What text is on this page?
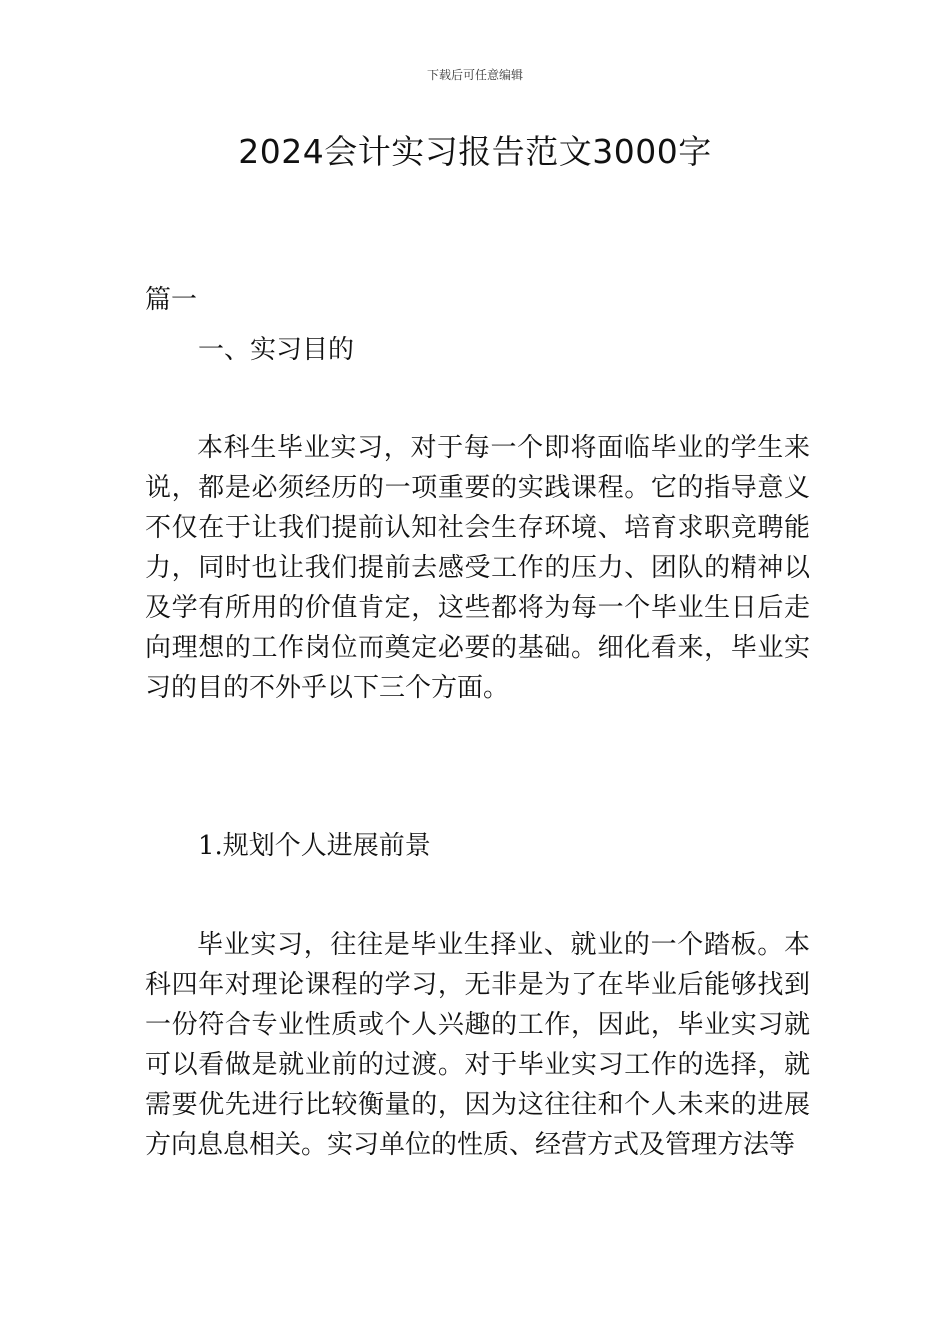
下载后可任意编辑
2024会计实习报告范文3000字

篇一

一、实习目的

本科生毕业实习，对于每一个即将面临毕业的学生来说，都是必须经历的一项重要的实践课程。它的指导意义不仅在于让我们提前认知社会生存环境、培育求职竞聘能力，同时也让我们提前去感受工作的压力、团队的精神以及学有所用的价值肯定，这些都将为每一个毕业生日后走向理想的工作岗位而奠定必要的基础。细化看来，毕业实习的目的不外乎以下三个方面。

1.规划个人进展前景

毕业实习，往往是毕业生择业、就业的一个踏板。本科四年对理论课程的学习，无非是为了在毕业后能够找到一份符合专业性质或个人兴趣的工作，因此，毕业实习就可以看做是就业前的过渡。对于毕业实习工作的选择，就需要优先进行比较衡量的，因为这往往和个人未来的进展方向息息相关。实习单位的性质、经营方式及管理方法等
